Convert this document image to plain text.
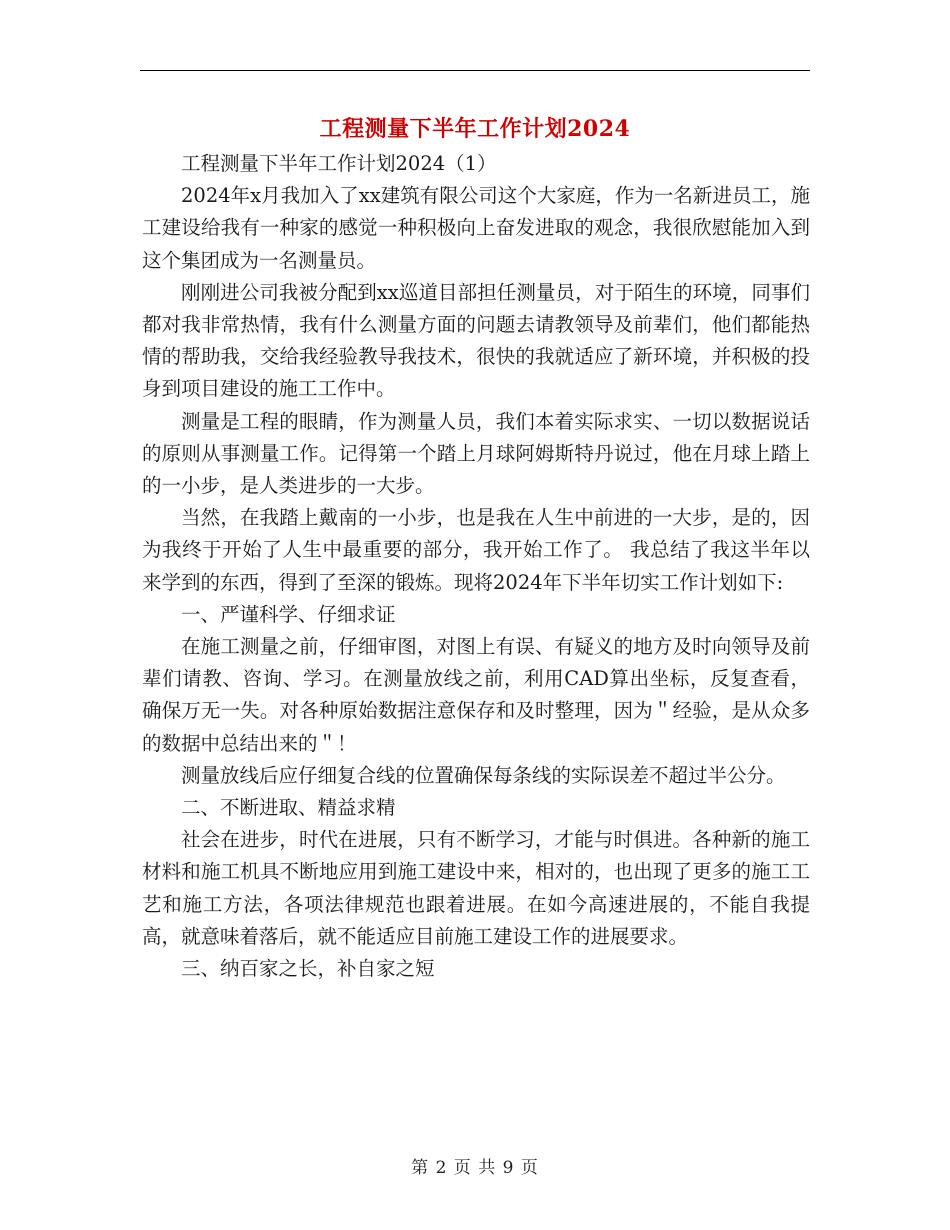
工程测量下半年工作计划2024

工程测量下半年工作计划2024（1）

2024年x月我加入了xx建筑有限公司这个大家庭，作为一名新进员工，施工建设给我有一种家的感觉一种积极向上奋发进取的观念，我很欣慰能加入到这个集团成为一名测量员。

刚刚进公司我被分配到xx巡道目部担任测量员，对于陌生的环境，同事们都对我非常热情，我有什么测量方面的问题去请教领导及前辈们，他们都能热情的帮助我，交给我经验教导我技术，很快的我就适应了新环境，并积极的投身到项目建设的施工工作中。

测量是工程的眼睛，作为测量人员，我们本着实际求实、一切以数据说话的原则从事测量工作。记得第一个踏上月球阿姆斯特丹说过，他在月球上踏上的一小步，是人类进步的一大步。

当然，在我踏上戴南的一小步，也是我在人生中前进的一大步，是的，因为我终于开始了人生中最重要的部分，我开始工作了。 我总结了我这半年以来学到的东西，得到了至深的锻炼。现将2024年下半年切实工作计划如下:

一、严谨科学、仔细求证

在施工测量之前，仔细审图，对图上有误、有疑义的地方及时向领导及前辈们请教、咨询、学习。在测量放线之前，利用CAD算出坐标，反复查看，确保万无一失。对各种原始数据注意保存和及时整理，因为＂经验，是从众多的数据中总结出来的＂！

测量放线后应仔细复合线的位置确保每条线的实际误差不超过半公分。

二、不断进取、精益求精

社会在进步，时代在进展，只有不断学习，才能与时俱进。各种新的施工材料和施工机具不断地应用到施工建设中来，相对的，也出现了更多的施工工艺和施工方法，各项法律规范也跟着进展。在如今高速进展的，不能自我提高，就意味着落后，就不能适应目前施工建设工作的进展要求。

三、纳百家之长，补自家之短

第 2 页 共 9 页
